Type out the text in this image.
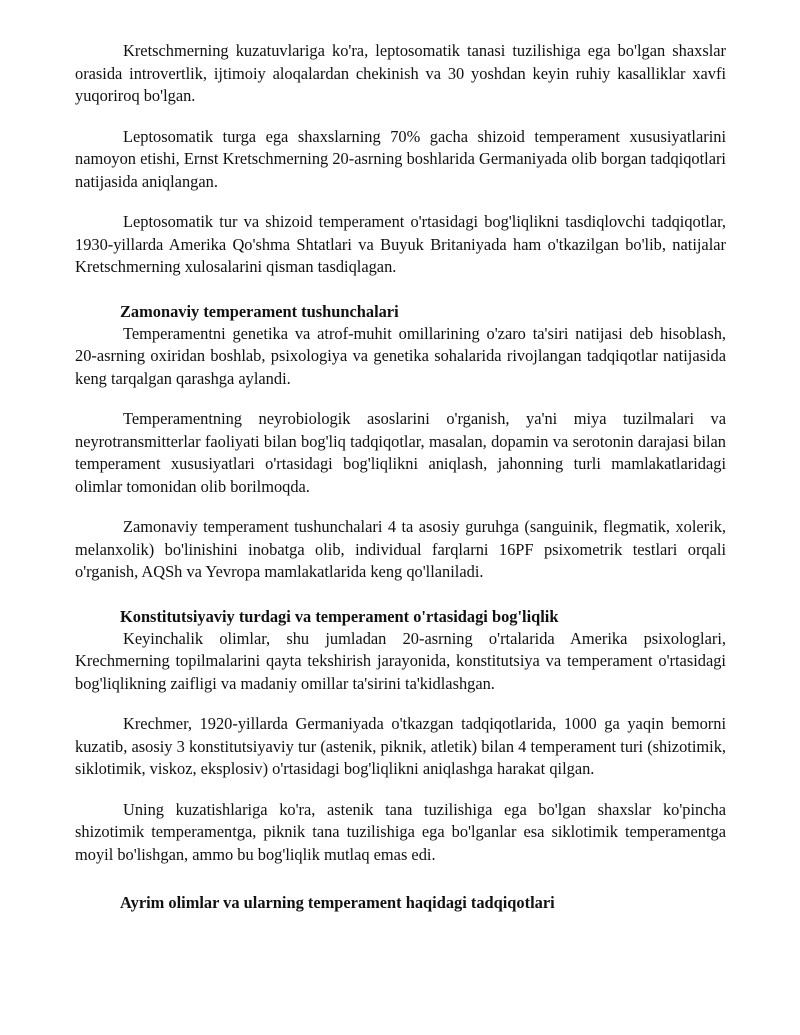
Kretschmerning kuzatuvlariga ko'ra, leptosomatik tanasi tuzilishiga ega bo'lgan shaxslar orasida introvertlik, ijtimoiy aloqalardan chekinish va 30 yoshdan keyin ruhiy kasalliklar xavfi yuqoriroq bo'lgan.

Leptosomatik turga ega shaxslarning 70% gacha shizoid temperament xususiyatlarini namoyon etishi, Ernst Kretschmerning 20-asrning boshlarida Germaniyada olib borgan tadqiqotlari natijasida aniqlangan.

Leptosomatik tur va shizoid temperament o'rtasidagi bog'liqlikni tasdiqlovchi tadqiqotlar, 1930-yillarda Amerika Qo'shma Shtatlari va Buyuk Britaniyada ham o'tkazilgan bo'lib, natijalar Kretschmerning xulosalarini qisman tasdiqlagan.

Zamonaviy temperament tushunchalari

Temperamentni genetika va atrof-muhit omillarining o'zaro ta'siri natijasi deb hisoblash, 20-asrning oxiridan boshlab, psixologiya va genetika sohalarida rivojlangan tadqiqotlar natijasida keng tarqalgan qarashga aylandi.

Temperamentning neyrobiologik asoslarini o'rganish, ya'ni miya tuzilmalari va neyrotransmitterlar faoliyati bilan bog'liq tadqiqotlar, masalan, dopamin va serotonin darajasi bilan temperament xususiyatlari o'rtasidagi bog'liqlikni aniqlash, jahonning turli mamlakatlaridagi olimlar tomonidan olib borilmoqda.

Zamonaviy temperament tushunchalari 4 ta asosiy guruhga (sanguinik, flegmatik, xolerik, melanxolik) bo'linishini inobatga olib, individual farqlarni 16PF psixometrik testlari orqali o'rganish, AQSh va Yevropa mamlakatlarida keng qo'llaniladi.

Konstitutsiyaviy turdagi va temperament o'rtasidagi bog'liqlik

Keyinchalik olimlar, shu jumladan 20-asrning o'rtalarida Amerika psixologlari, Krechmerning topilmalarini qayta tekshirish jarayonida, konstitutsiya va temperament o'rtasidagi bog'liqlikning zaifligi va madaniy omillar ta'sirini ta'kidlashgan.

Krechmer, 1920-yillarda Germaniyada o'tkazgan tadqiqotlarida, 1000 ga yaqin bemorni kuzatib, asosiy 3 konstitutsiyaviy tur (astenik, piknik, atletik) bilan 4 temperament turi (shizotimik, siklotimik, viskoz, eksplosiv) o'rtasidagi bog'liqlikni aniqlashga harakat qilgan.

Uning kuzatishlariga ko'ra, astenik tana tuzilishiga ega bo'lgan shaxslar ko'pincha shizotimik temperamentga, piknik tana tuzilishiga ega bo'lganlar esa siklotimik temperamentga moyil bo'lishgan, ammo bu bog'liqlik mutlaq emas edi.

Ayrim olimlar va ularning temperament haqidagi tadqiqotlari
